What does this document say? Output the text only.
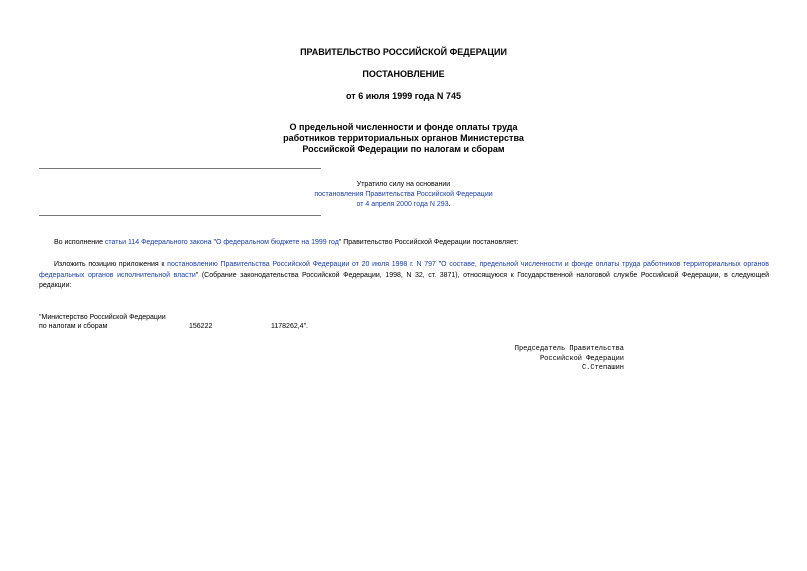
ПРАВИТЕЛЬСТВО РОССИЙСКОЙ ФЕДЕРАЦИИ
ПОСТАНОВЛЕНИЕ
от 6 июля 1999 года N 745
О предельной численности и фонде оплаты труда
работников территориальных органов Министерства
Российской Федерации по налогам и сборам
Утратило силу на основании
постановления Правительства Российской Федерации
от 4 апреля 2000 года N 293.
Во исполнение статьи 114 Федерального закона "О федеральном бюджете на 1999 год" Правительство Российской Федерации постановляет:
Изложить позицию приложения к постановлению Правительства Российской Федерации от 20 июля 1998 г. N 797 "О составе, предельной численности и фонде оплаты труда работников территориальных органов федеральных органов исполнительной власти" (Собрание законодательства Российской Федерации, 1998, N 32, ст. 3871), относящуюся к Государственной налоговой службе Российской Федерации, в следующей редакции:
"Министерство Российской Федерации
по налогам и сборам	156222	1178262,4".
Председатель Правительства
Российской Федерации
С.Степашин
